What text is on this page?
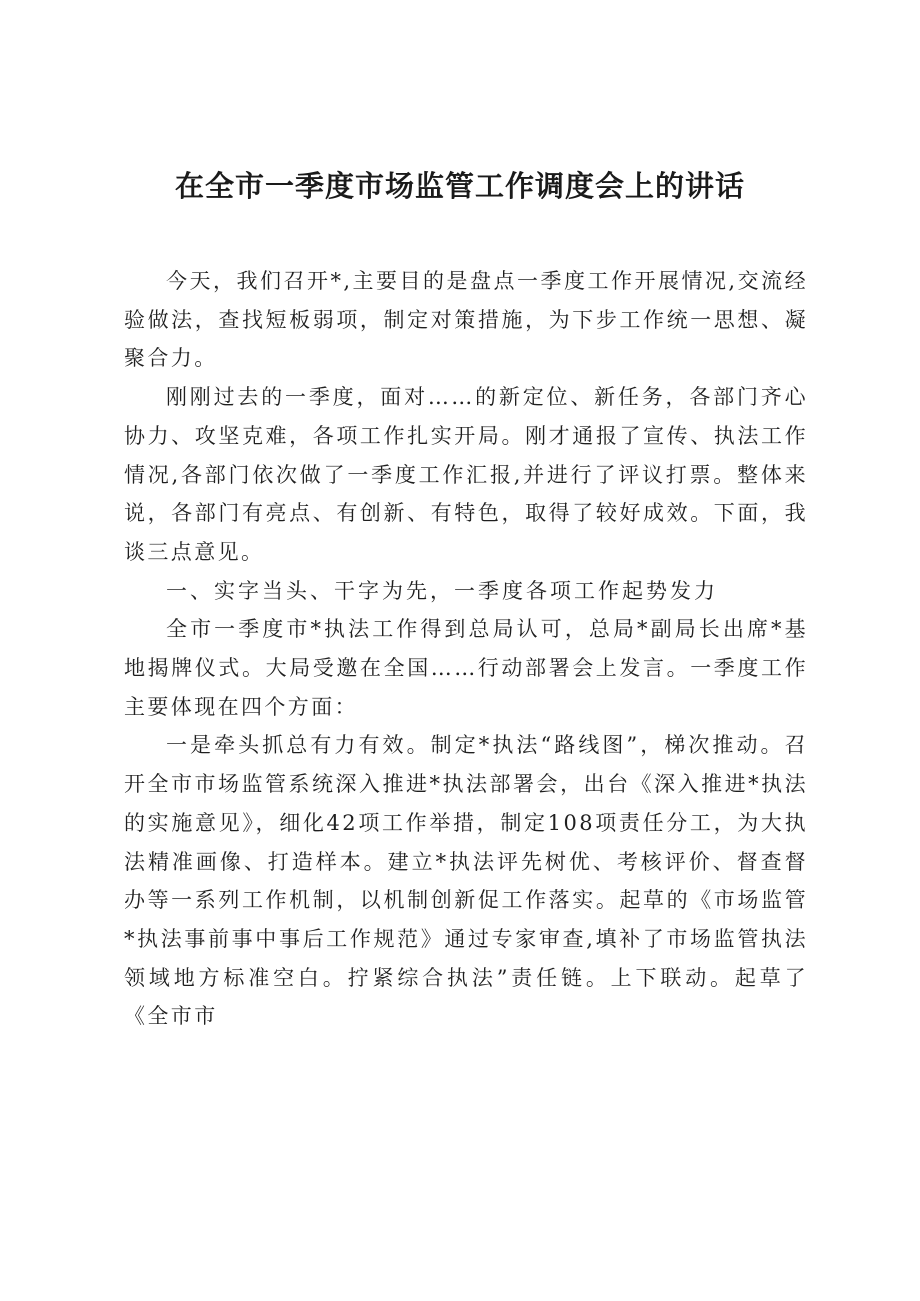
在全市一季度市场监管工作调度会上的讲话

今天，我们召开*,主要目的是盘点一季度工作开展情况,交流经验做法，查找短板弱项，制定对策措施，为下步工作统一思想、凝聚合力。

刚刚过去的一季度，面对……的新定位、新任务，各部门齐心协力、攻坚克难，各项工作扎实开局。刚才通报了宣传、执法工作情况,各部门依次做了一季度工作汇报,并进行了评议打票。整体来说，各部门有亮点、有创新、有特色，取得了较好成效。下面，我谈三点意见。

一、实字当头、干字为先，一季度各项工作起势发力

全市一季度市*执法工作得到总局认可，总局*副局长出席*基地揭牌仪式。大局受邀在全国……行动部署会上发言。一季度工作主要体现在四个方面：

一是牵头抓总有力有效。制定*执法“路线图”，梯次推动。召开全市市场监管系统深入推进*执法部署会，出台《深入推进*执法的实施意见》，细化42项工作举措，制定108项责任分工，为大执法精准画像、打造样本。建立*执法评先树优、考核评价、督查督办等一系列工作机制，以机制创新促工作落实。起草的《市场监管*执法事前事中事后工作规范》通过专家审查,填补了市场监管执法领域地方标准空白。拧紧综合执法”责任链。上下联动。起草了《全市市
